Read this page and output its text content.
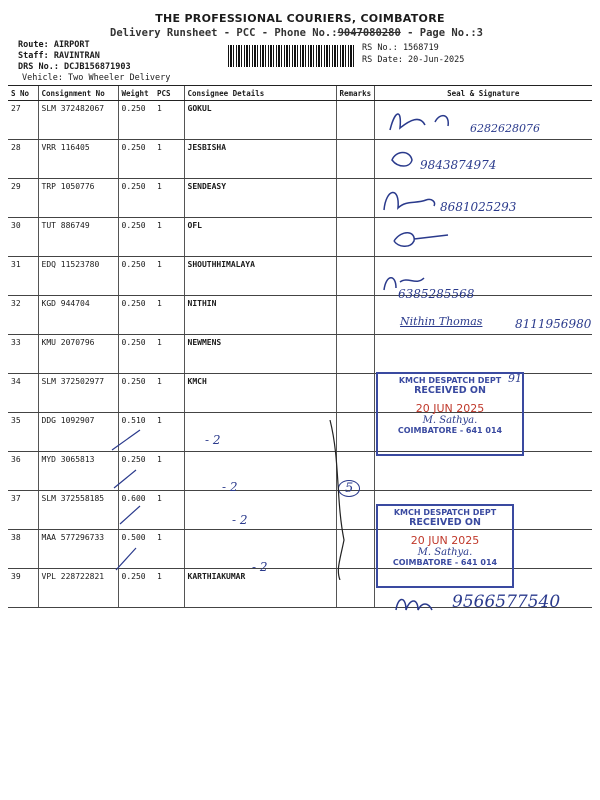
THE PROFESSIONAL COURIERS, COIMBATORE
Delivery Runsheet - PCC - Phone No.:9047080280 - Page No.:3
Route: AIRPORT
Staff: RAVINTRAN
DRS No.: DCJB156871903
Vehicle: Two Wheeler Delivery
RS No.: 1568719
RS Date: 20-Jun-2025
S No	Consignment No	Weight	PCS	Consignee Details	Remarks	Seal & Signature
27	SLM 372482067	0.250	1	GOKUL		
28	VRR 116405	0.250	1	JESBISHA		
29	TRP 1050776	0.250	1	SENDEASY		
30	TUT 886749	0.250	1	OFL		
31	EDQ 11523780	0.250	1	SHOUTHHIMALAYA		
32	KGD 944704	0.250	1	NITHIN		
33	KMU 2070796	0.250	1	NEWMENS		
34	SLM 372502977	0.250	1	KMCH		
35	DDG 1092907	0.510	1			
36	MYD 3065813	0.250	1			
37	SLM 372558185	0.600	1			
38	MAA 577296733	0.500	1			
39	VPL 228722821	0.250	1	KARTHIAKUMAR		
6282628076
9843874974
8681025293
6385285568
Nithin Thomas	8111956980
91
- 2
- 2
- 2
- 2
5
9566577540
KMCH DESPATCH DEPT
RECEIVED ON
20 JUN 2025
M. Sathya.
COIMBATORE - 641 014
KMCH DESPATCH DEPT
RECEIVED ON
20 JUN 2025
M. Sathya.
COIMBATORE - 641 014
